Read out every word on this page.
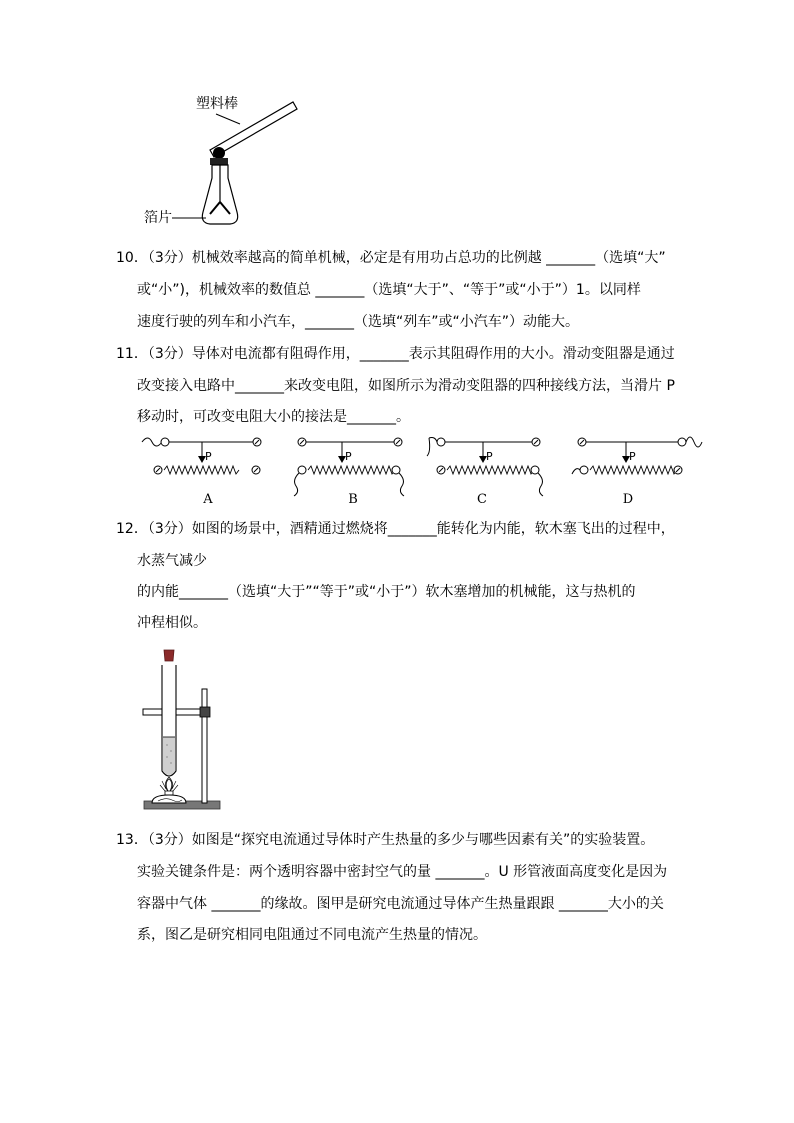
塑料棒
箔片
10．（3分）机械效率越高的简单机械，必定是有用功占总功的比例越 _______（选填“大”
或“小”)，机械效率的数值总 _______（选填“大于”、“等于”或“小于”）1。以同样
速度行驶的列车和小汽车，_______（选填“列车”或“小汽车”）动能大。
11．（3分）导体对电流都有阻碍作用，_______表示其阻碍作用的大小。滑动变阻器是通过
改变接入电路中_______来改变电阻，如图所示为滑动变阻器的四种接线方法，当滑片 P
移动时，可改变电阻大小的接法是_______。
P
A
P
B
P
C
P
D
12．（3分）如图的场景中，酒精通过燃烧将_______能转化为内能，软木塞飞出的过程中，
水蒸气减少
的内能_______（选填“大于”“等于”或“小于”）软木塞增加的机械能，这与热机的
冲程相似。
13．（3分）如图是“探究电流通过导体时产生热量的多少与哪些因素有关”的实验装置。
实验关键条件是：两个透明容器中密封空气的量 _______。U 形管液面高度变化是因为
容器中气体 _______的缘故。图甲是研究电流通过导体产生热量跟跟 _______大小的关
系，图乙是研究相同电阻通过不同电流产生热量的情况。
